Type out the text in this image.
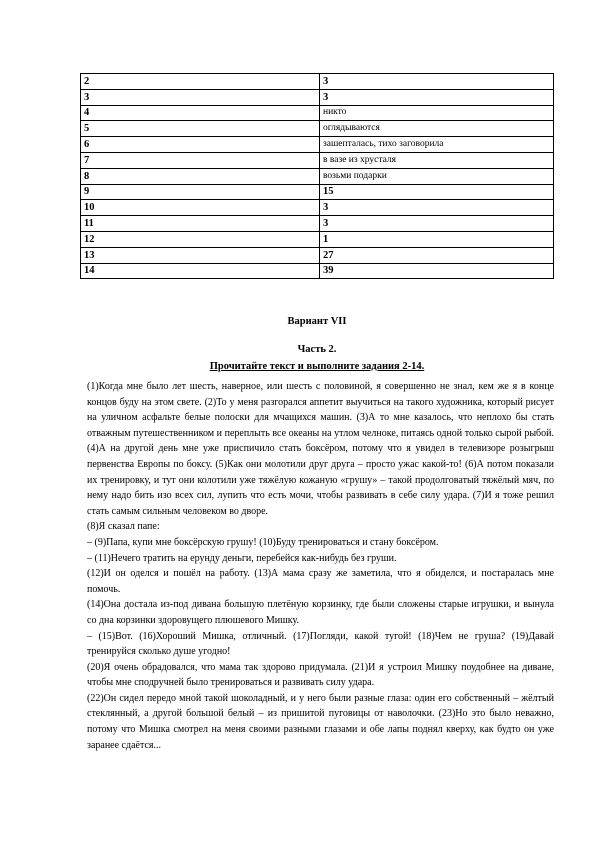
2	3
3	3
4	никто
5	оглядываются
6	зашепталась, тихо заговорила
7	в вазе из хрусталя
8	возьми подарки
9	15
10	3
11	3
12	1
13	27
14	39

Вариант VII

Часть 2.

Прочитайте текст и выполните задания 2-14.

(1)Когда мне было лет шесть, наверное, или шесть с половиной, я совершенно не знал, кем же я в конце концов буду на этом свете. (2)То у меня разгорался аппетит выучиться на такого художника, который рисует на уличном асфальте белые полоски для мчащихся машин. (3)А то мне казалось, что неплохо бы стать отважным путешественником и переплыть все океаны на утлом челноке, питаясь одной только сырой рыбой. (4)А на другой день мне уже приспичило стать боксёром, потому что я увидел в телевизоре розыгрыш первенства Европы по боксу. (5)Как они молотили друг друга – просто ужас какой-то! (6)А потом показали их тренировку, и тут они колотили уже тяжёлую кожаную «грушу» – такой продолговатый тяжёлый мяч, по нему надо бить изо всех сил, лупить что есть мочи, чтобы развивать в себе силу удара. (7)И я тоже решил стать самым сильным человеком во дворе.

(8)Я сказал папе:

– (9)Папа, купи мне боксёрскую грушу! (10)Буду тренироваться и стану боксёром.

– (11)Нечего тратить на ерунду деньги, перебейся как-нибудь без груши.

(12)И он оделся и пошёл на работу. (13)А мама сразу же заметила, что я обиделся, и постаралась мне помочь.

(14)Она достала из-под дивана большую плетёную корзинку, где были сложены старые игрушки, и вынула со дна корзинки здоровущего плюшевого Мишку.

– (15)Вот. (16)Хороший Мишка, отличный. (17)Погляди, какой тугой! (18)Чем не груша? (19)Давай тренируйся сколько душе угодно!

(20)Я очень обрадовался, что мама так здорово придумала. (21)И я устроил Мишку поудобнее на диване, чтобы мне сподручней было тренироваться и развивать силу удара.

(22)Он сидел передо мной такой шоколадный, и у него были разные глаза: один его собственный – жёлтый стеклянный, а другой большой белый – из пришитой пуговицы от наволочки. (23)Но это было неважно, потому что Мишка смотрел на меня своими разными глазами и обе лапы поднял кверху, как будто он уже заранее сдаётся...
